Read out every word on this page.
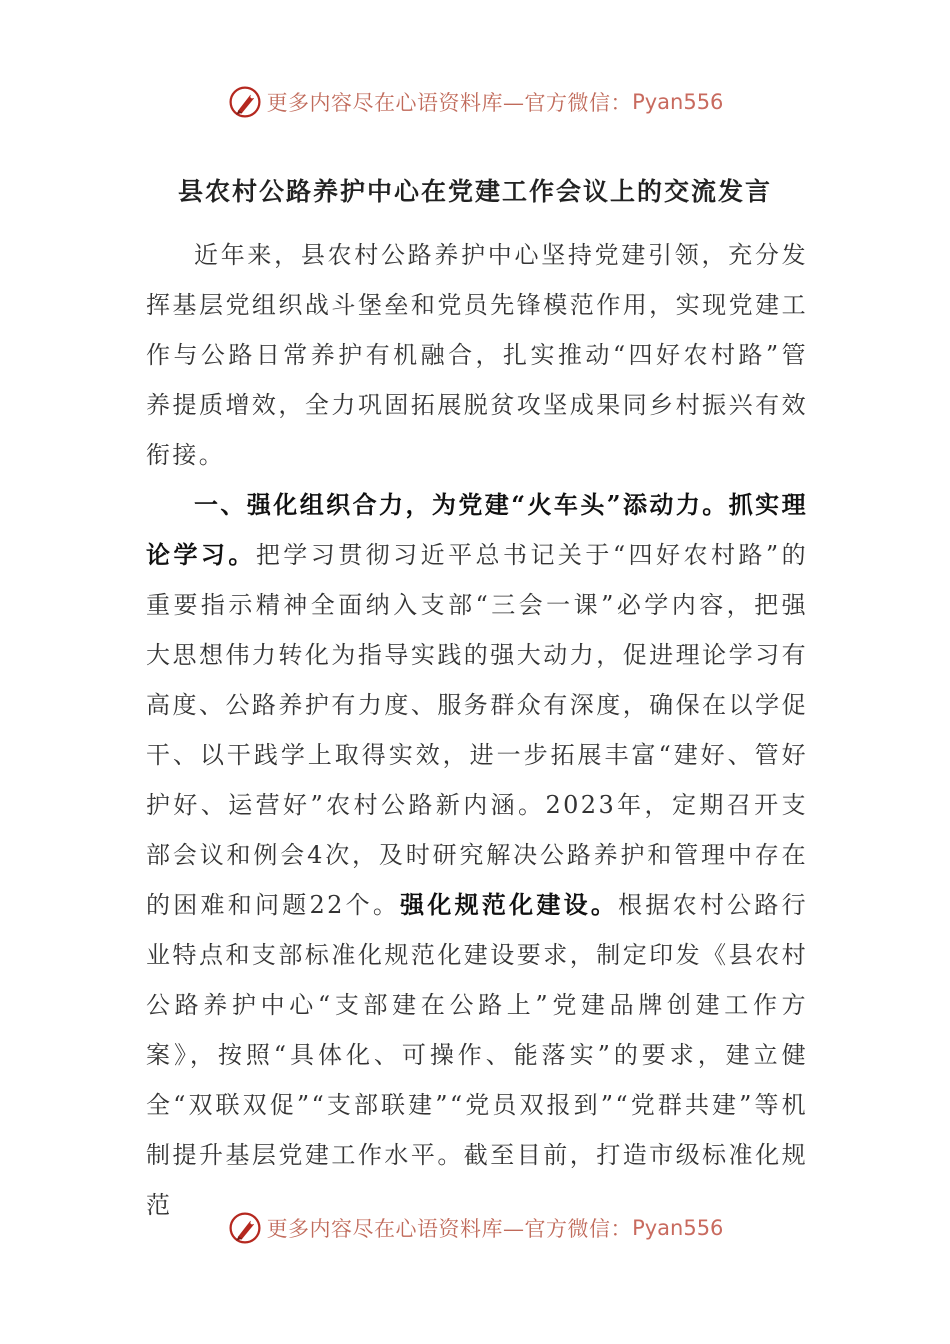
更多内容尽在心语资料库—官方微信： Pyan556
县农村公路养护中心在党建工作会议上的交流发言

近年来，县农村公路养护中心坚持党建引领，充分发挥基层党组织战斗堡垒和党员先锋模范作用，实现党建工作与公路日常养护有机融合，扎实推动“四好农村路”管养提质增效，全力巩固拓展脱贫攻坚成果同乡村振兴有效衔接。

一、强化组织合力，为党建“火车头”添动力。抓实理论学习。把学习贯彻习近平总书记关于“四好农村路”的重要指示精神全面纳入支部“三会一课”必学内容，把强大思想伟力转化为指导实践的强大动力，促进理论学习有高度、公路养护有力度、服务群众有深度，确保在以学促干、以干践学上取得实效，进一步拓展丰富“建好、管好护好、运营好”农村公路新内涵。2023年，定期召开支部会议和例会4次，及时研究解决公路养护和管理中存在的困难和问题22个。强化规范化建设。根据农村公路行业特点和支部标准化规范化建设要求，制定印发《县农村公路养护中心“支部建在公路上”党建品牌创建工作方案》，按照“具体化、可操作、能落实”的要求，建立健全“双联双促”“支部联建”“党员双报到”“党群共建”等机制提升基层党建工作水平。截至目前，打造市级标准化规范

更多内容尽在心语资料库—官方微信： Pyan556
